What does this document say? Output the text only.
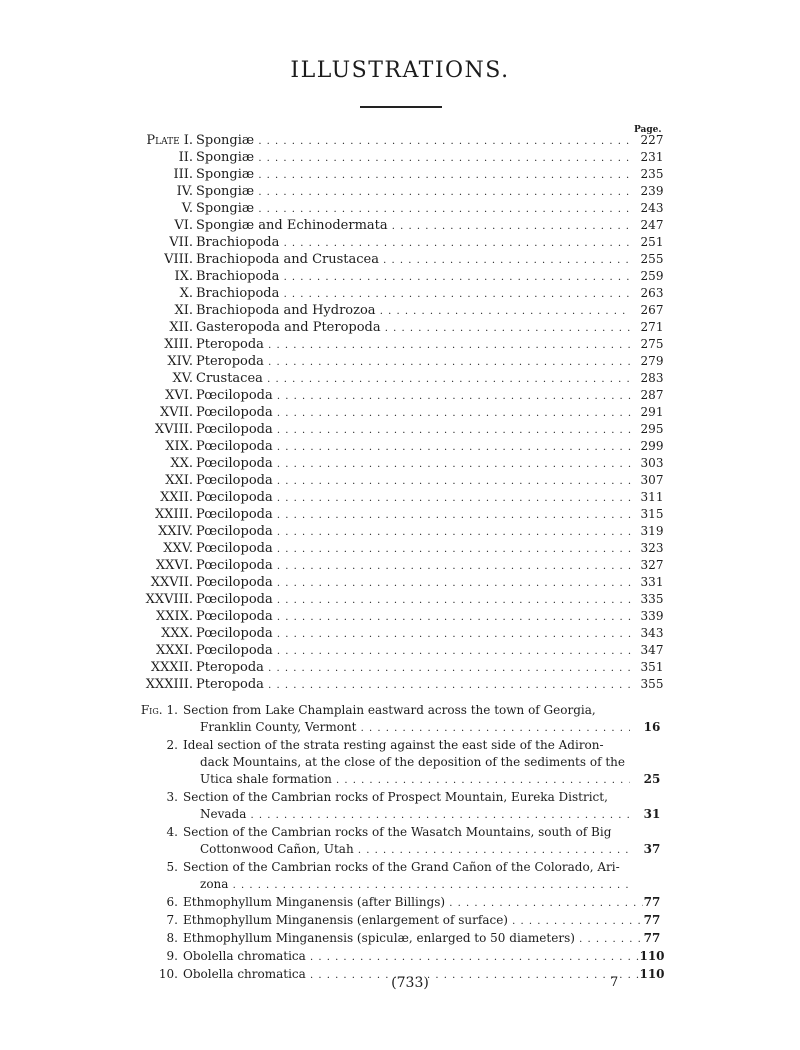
ILLUSTRATIONS.
Page.
Plate I. Spongiæ . . .	227
II. Spongiæ . . .	231
III. Spongiæ . . .	235
IV. Spongiæ . . .	239
V. Spongiæ . . .	243
VI. Spongiæ and Echinodermata . . .	247
VII. Brachiopoda . . .	251
VIII. Brachiopoda and Crustacea . . .	255
IX. Brachiopoda . . .	259
X. Brachiopoda . . .	263
XI. Brachiopoda and Hydrozoa . . .	267
XII. Gasteropoda and Pteropoda . . .	271
XIII. Pteropoda . . .	275
XIV. Pteropoda . . .	279
XV. Crustacea . . .	283
XVI. Pœcilopoda . . .	287
XVII. Pœcilopoda . . .	291
XVIII. Pœcilopoda . . .	295
XIX. Pœcilopoda . . .	299
XX. Pœcilopoda . . .	303
XXI. Pœcilopoda . . .	307
XXII. Pœcilopoda . . .	311
XXIII. Pœcilopoda . . .	315
XXIV. Pœcilopoda . . .	319
XXV. Pœcilopoda . . .	323
XXVI. Pœcilopoda . . .	327
XXVII. Pœcilopoda . . .	331
XXVIII. Pœcilopoda . . .	335
XXIX. Pœcilopoda . . .	339
XXX. Pœcilopoda . . .	343
XXXI. Pœcilopoda . . .	347
XXXII. Pteropoda . . .	351
XXXIII. Pteropoda . . .	355
Fig. 1. Section from Lake Champlain eastward across the town of Georgia,
Franklin County, Vermont . . .	16
2. Ideal section of the strata resting against the east side of the Adiron-
dack Mountains, at the close of the deposition of the sediments of the
Utica shale formation . . .	25
3. Section of the Cambrian rocks of Prospect Mountain, Eureka District,
Nevada . . .	31
4. Section of the Cambrian rocks of the Wasatch Mountains, south of Big
Cottonwood Cañon, Utah . . .	37
5. Section of the Cambrian rocks of the Grand Cañon of the Colorado, Ari-
zona . . .
6. Ethmophyllum Minganensis (after Billings) . . .	77
7. Ethmophyllum Minganensis (enlargement of surface) . . .	77
8. Ethmophyllum Minganensis (spiculæ, enlarged to 50 diameters) . . .	77
9. Obolella chromatica . . .	110
10. Obolella chromatica . . .	110
(733)	7
